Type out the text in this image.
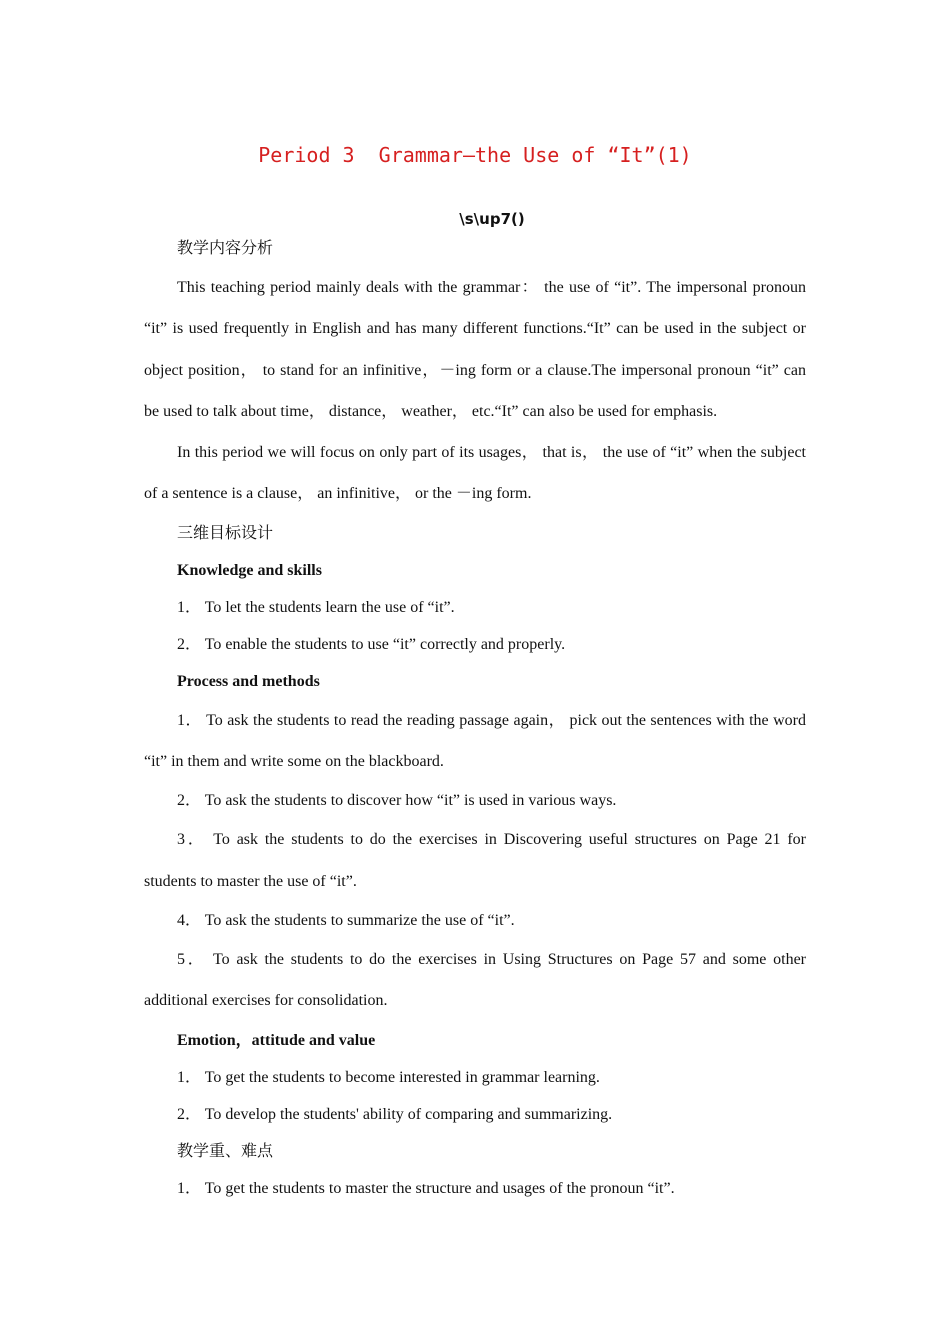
Period 3  Grammar—the Use of “It”(1)
\s\up7()

教学内容分析

This teaching period mainly deals with the grammar： the use of “it”. The impersonal pronoun “it” is used frequently in English and has many different functions.“It” can be used in the subject or object position， to stand for an infinitive，－ing form or a clause.The impersonal pronoun “it” can be used to talk about time， distance， weather， etc.“It” can also be used for emphasis.

In this period we will focus on only part of its usages， that is， the use of “it” when the subject of a sentence is a clause， an infinitive， or the －ing form.

三维目标设计

Knowledge and skills

1． To let the students learn the use of “it”.

2． To enable the students to use “it” correctly and properly.

Process and methods

1． To ask the students to read the reading passage again， pick out the sentences with the word “it” in them and write some on the blackboard.

2． To ask the students to discover how “it” is used in various ways.

3． To ask the students to do the exercises in Discovering useful structures on Page 21 for students to master the use of “it”.

4． To ask the students to summarize the use of “it”.

5． To ask the students to do the exercises in Using Structures on Page 57 and some other additional exercises for consolidation.

Emotion，attitude and value

1． To get the students to become interested in grammar learning.

2． To develop the students' ability of comparing and summarizing.

教学重、难点

1． To get the students to master the structure and usages of the pronoun “it”.
